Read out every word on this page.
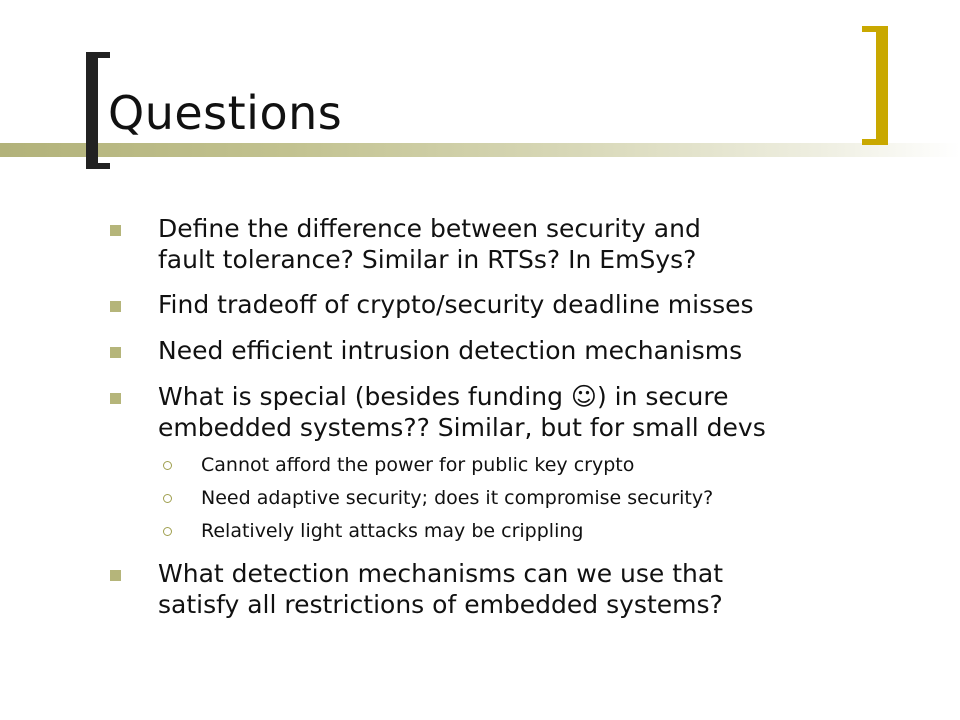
Questions
Define the difference between security and
fault tolerance? Similar in RTSs? In EmSys?
Find tradeoff of crypto/security deadline misses
Need efficient intrusion detection mechanisms
What is special (besides funding ☺) in secure
embedded systems?? Similar, but for small devs
Cannot afford the power for public key crypto
Need adaptive security; does it compromise security?
Relatively light attacks may be crippling
What detection mechanisms can we use that
satisfy all restrictions of embedded systems?
